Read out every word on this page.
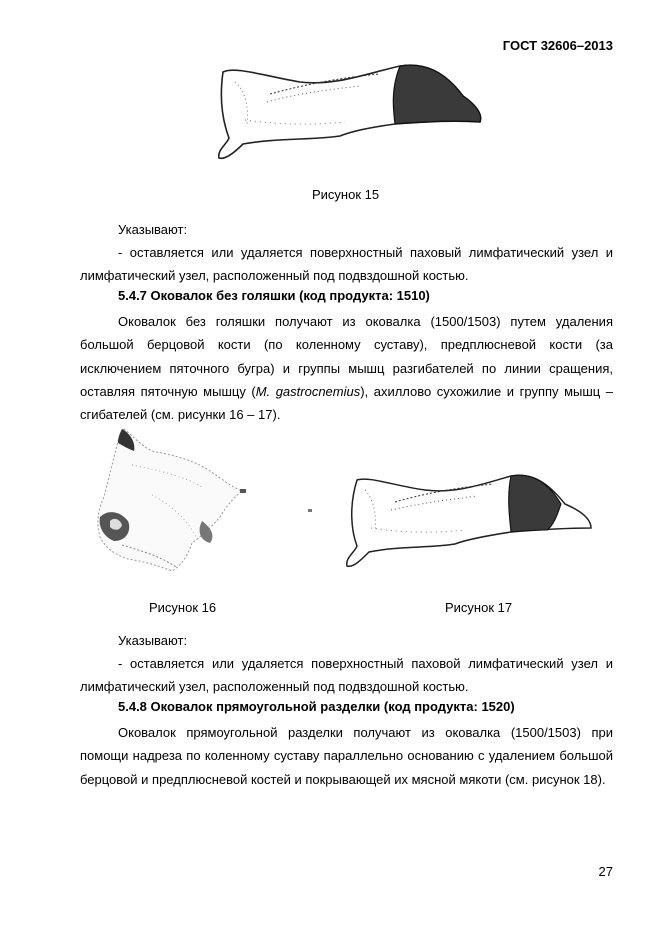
ГОСТ 32606–2013
Рисунок 15
Указывают:
- оставляется или удаляется поверхностный паховый лимфатический узел и лимфатический узел, расположенный под подвздошной костью.
5.4.7 Оковалок без голяшки (код продукта: 1510)
Оковалок без голяшки получают из оковалка (1500/1503) путем удаления большой берцовой кости (по коленному суставу), предплюсневой кости (за исключением пяточного бугра) и группы мышц разгибателей по линии сращения, оставляя пяточную мышцу (M. gastrocnemius), ахиллово сухожилие и группу мышц – сгибателей (см. рисунки 16 – 17).
Рисунок 16	Рисунок 17
Указывают:
- оставляется или удаляется поверхностный паховой лимфатический узел и лимфатический узел, расположенный под подвздошной костью.
5.4.8 Оковалок прямоугольной разделки (код продукта: 1520)
Оковалок прямоугольной разделки получают из оковалка (1500/1503) при помощи надреза по коленному суставу параллельно основанию с удалением большой берцовой и предплюсневой костей и покрывающей их мясной мякоти (см. рисунок 18).
27
